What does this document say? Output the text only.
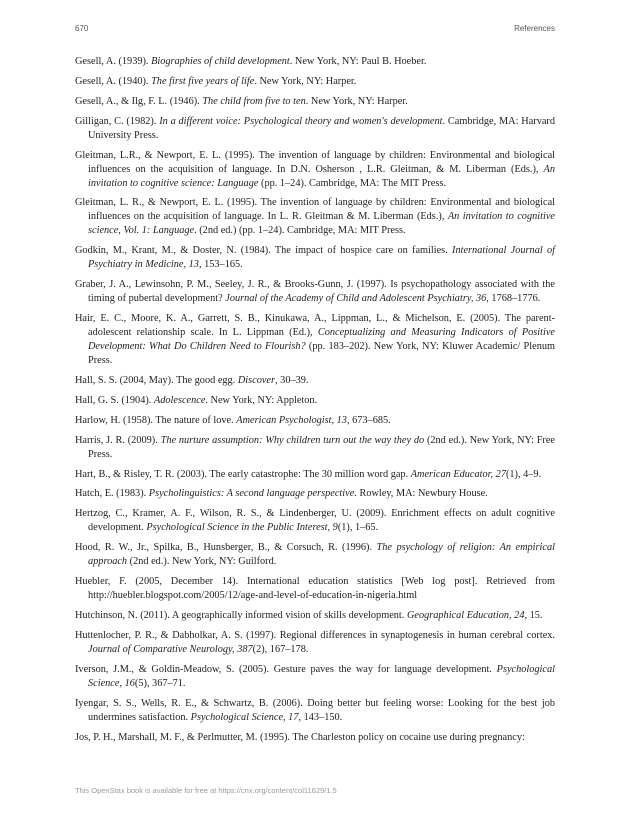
670	References

Gesell, A. (1939). Biographies of child development. New York, NY: Paul B. Hoeber.

Gesell, A. (1940). The first five years of life. New York, NY: Harper.

Gesell, A., & Ilg, F. L. (1946). The child from five to ten. New York, NY: Harper.

Gilligan, C. (1982). In a different voice: Psychological theory and women's development. Cambridge, MA: Harvard University Press.

Gleitman, L.R., & Newport, E. L. (1995). The invention of language by children: Environmental and biological influences on the acquisition of language. In D.N. Osherson , L.R. Gleitman, & M. Liberman (Eds.), An invitation to cognitive science: Language (pp. 1–24). Cambridge, MA: The MIT Press.

Gleitman, L. R., & Newport, E. L. (1995). The invention of language by children: Environmental and biological influences on the acquisition of language. In L. R. Gleitman & M. Liberman (Eds.), An invitation to cognitive science, Vol. 1: Language. (2nd ed.) (pp. 1–24). Cambridge, MA: MIT Press.

Godkin, M., Krant, M., & Doster, N. (1984). The impact of hospice care on families. International Journal of Psychiatry in Medicine, 13, 153–165.

Graber, J. A., Lewinsohn, P. M., Seeley, J. R., & Brooks-Gunn, J. (1997). Is psychopathology associated with the timing of pubertal development? Journal of the Academy of Child and Adolescent Psychiatry, 36, 1768–1776.

Hair, E. C., Moore, K. A., Garrett, S. B., Kinukawa, A., Lippman, L., & Michelson, E. (2005). The parent-adolescent relationship scale. In L. Lippman (Ed.), Conceptualizing and Measuring Indicators of Positive Development: What Do Children Need to Flourish? (pp. 183–202). New York, NY: Kluwer Academic/ Plenum Press.

Hall, S. S. (2004, May). The good egg. Discover, 30–39.

Hall, G. S. (1904). Adolescence. New York, NY: Appleton.

Harlow, H. (1958). The nature of love. American Psychologist, 13, 673–685.

Harris, J. R. (2009). The nurture assumption: Why children turn out the way they do (2nd ed.). New York, NY: Free Press.

Hart, B., & Risley, T. R. (2003). The early catastrophe: The 30 million word gap. American Educator, 27(1), 4–9.

Hatch, E. (1983). Psycholinguistics: A second language perspective. Rowley, MA: Newbury House.

Hertzog, C., Kramer, A. F., Wilson, R. S., & Lindenberger, U. (2009). Enrichment effects on adult cognitive development. Psychological Science in the Public Interest, 9(1), 1–65.

Hood, R. W., Jr., Spilka, B., Hunsberger, B., & Corsuch, R. (1996). The psychology of religion: An empirical approach (2nd ed.). New York, NY: Guilford.

Huebler, F. (2005, December 14). International education statistics [Web log post]. Retrieved from http://huebler.blogspot.com/2005/12/age-and-level-of-education-in-nigeria.html

Hutchinson, N. (2011). A geographically informed vision of skills development. Geographical Education, 24, 15.

Huttenlocher, P. R., & Dabholkar, A. S. (1997). Regional differences in synaptogenesis in human cerebral cortex. Journal of Comparative Neurology, 387(2), 167–178.

Iverson, J.M., & Goldin-Meadow, S. (2005). Gesture paves the way for language development. Psychological Science, 16(5), 367–71.

Iyengar, S. S., Wells, R. E., & Schwartz, B. (2006). Doing better but feeling worse: Looking for the best job undermines satisfaction. Psychological Science, 17, 143–150.

Jos, P. H., Marshall, M. F., & Perlmutter, M. (1995). The Charleston policy on cocaine use during pregnancy:

This OpenStax book is available for free at https://cnx.org/content/col11629/1.5
